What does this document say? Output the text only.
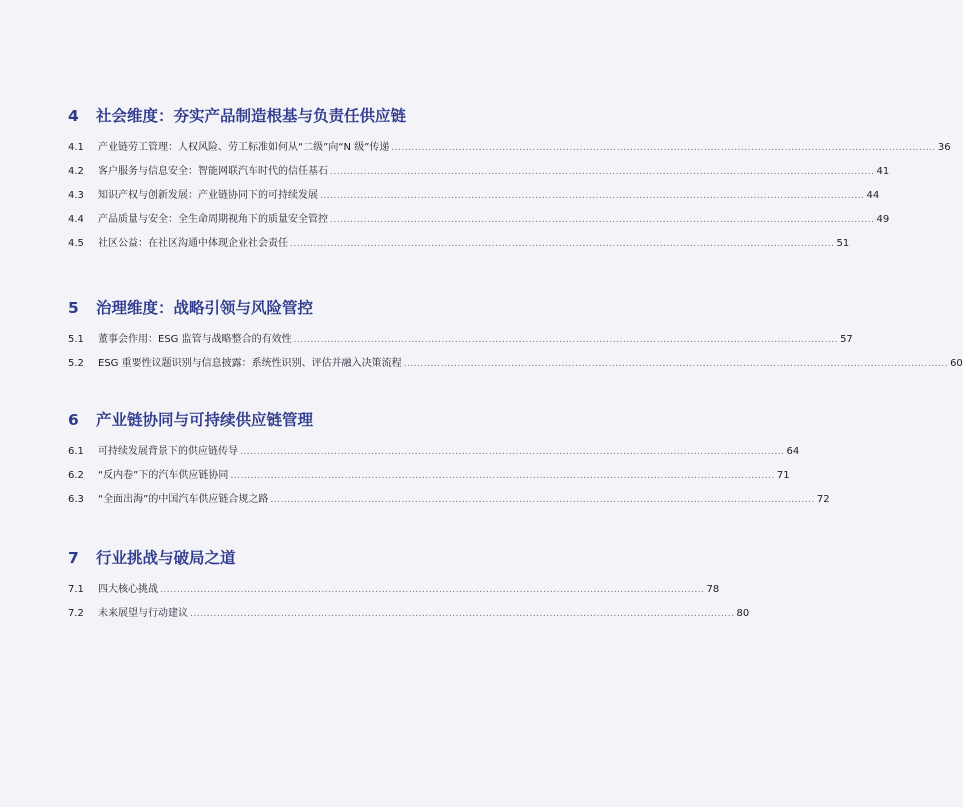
4	社会维度：夯实产品制造根基与负责任供应链
4.1	产业链劳工管理：人权风险、劳工标准如何从“二级”向“N 级”传递 .....	36
4.2	客户服务与信息安全：智能网联汽车时代的信任基石 .....	41
4.3	知识产权与创新发展：产业链协同下的可持续发展 .....	44
4.4	产品质量与安全：全生命周期视角下的质量安全管控 .....	49
4.5	社区公益：在社区沟通中体现企业社会责任 .....	51
5	治理维度：战略引领与风险管控
5.1	董事会作用：ESG 监管与战略整合的有效性 .....	57
5.2	ESG 重要性议题识别与信息披露：系统性识别、评估并融入决策流程 .....	60
6	产业链协同与可持续供应链管理
6.1	可持续发展背景下的供应链传导 .....	64
6.2	“反内卷”下的汽车供应链协同 .....	71
6.3	“全面出海”的中国汽车供应链合规之路 .....	72
7	行业挑战与破局之道
7.1	四大核心挑战 .....	78
7.2	未来展望与行动建议 .....	80
